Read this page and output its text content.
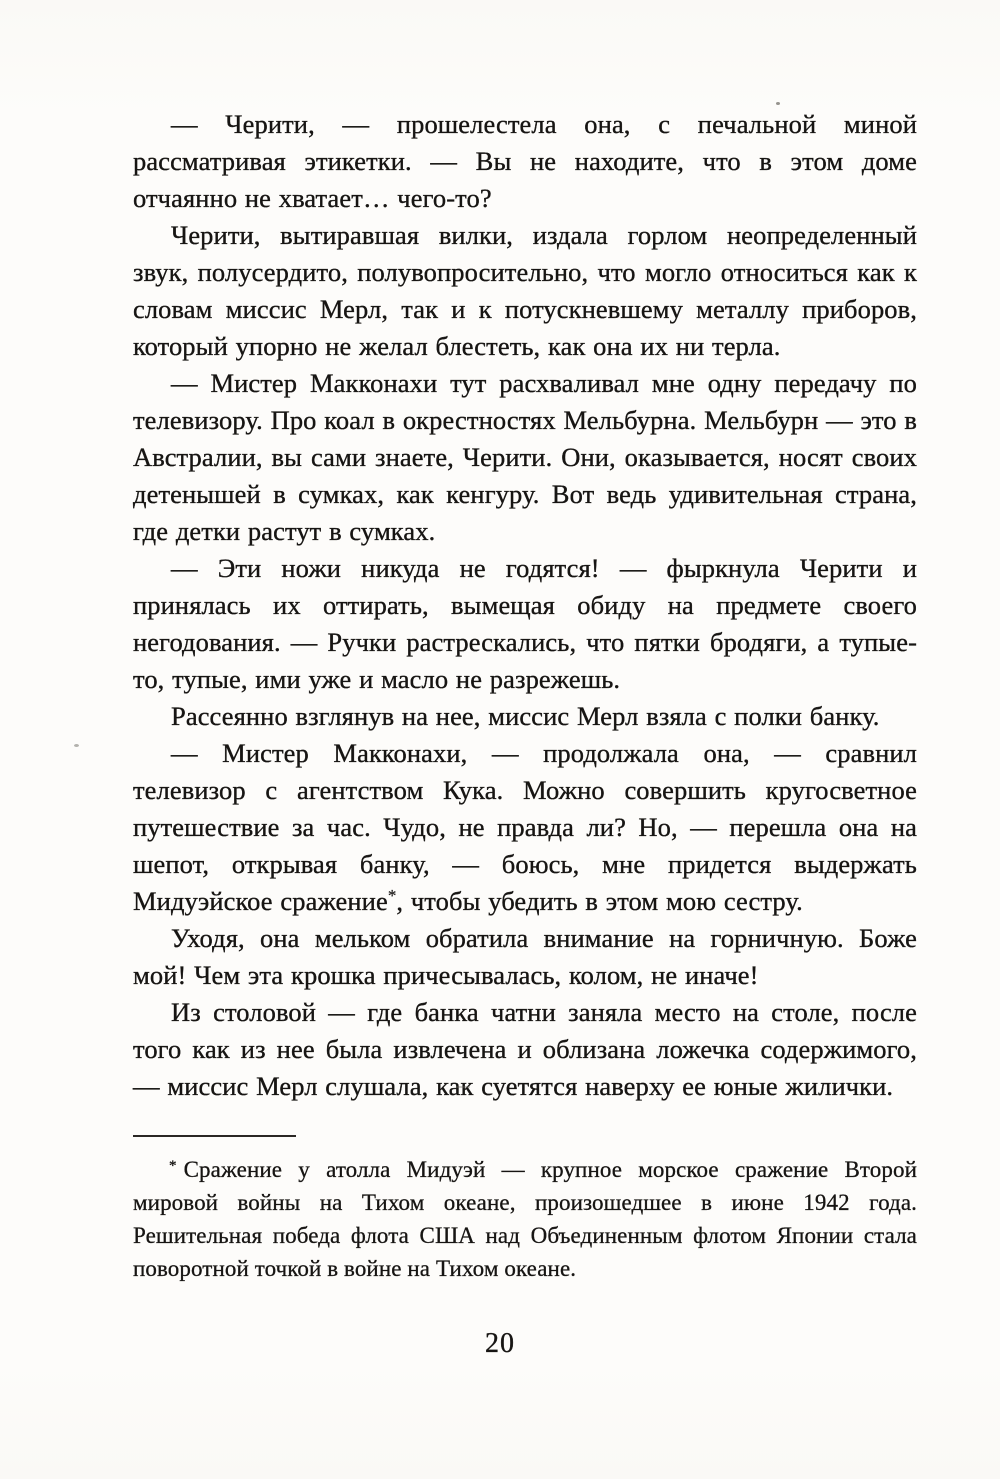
— Черити, — прошелестела она, с печальной миной рассматривая этикетки. — Вы не находите, что в этом доме отчаянно не хватает… чего-то?

Черити, вытиравшая вилки, издала горлом неопределенный звук, полусердито, полувопросительно, что могло относиться как к словам миссис Мерл, так и к потускневшему металлу приборов, который упорно не желал блестеть, как она их ни терла.

— Мистер Макконахи тут расхваливал мне одну передачу по телевизору. Про коал в окрестностях Мельбурна. Мельбурн — это в Австралии, вы сами знаете, Черити. Они, оказывается, носят своих детенышей в сумках, как кенгуру. Вот ведь удивительная страна, где детки растут в сумках.

— Эти ножи никуда не годятся! — фыркнула Черити и принялась их оттирать, вымещая обиду на предмете своего негодования. — Ручки растрескались, что пятки бродяги, а тупые-то, тупые, ими уже и масло не разрежешь.

Рассеянно взглянув на нее, миссис Мерл взяла с полки банку.

— Мистер Макконахи, — продолжала она, — сравнил телевизор с агентством Кука. Можно совершить кругосветное путешествие за час. Чудо, не правда ли? Но, — перешла она на шепот, открывая банку, — боюсь, мне придется выдержать Мидуэйское сражение*, чтобы убедить в этом мою сестру.

Уходя, она мельком обратила внимание на горничную. Боже мой! Чем эта крошка причесывалась, колом, не иначе!

Из столовой — где банка чатни заняла место на столе, после того как из нее была извлечена и облизана ложечка содержимого, — миссис Мерл слушала, как суетятся наверху ее юные жилички.

* Сражение у атолла Мидуэй — крупное морское сражение Второй мировой войны на Тихом океане, произошедшее в июне 1942 года. Решительная победа флота США над Объединенным флотом Японии стала поворотной точкой в войне на Тихом океане.

20
